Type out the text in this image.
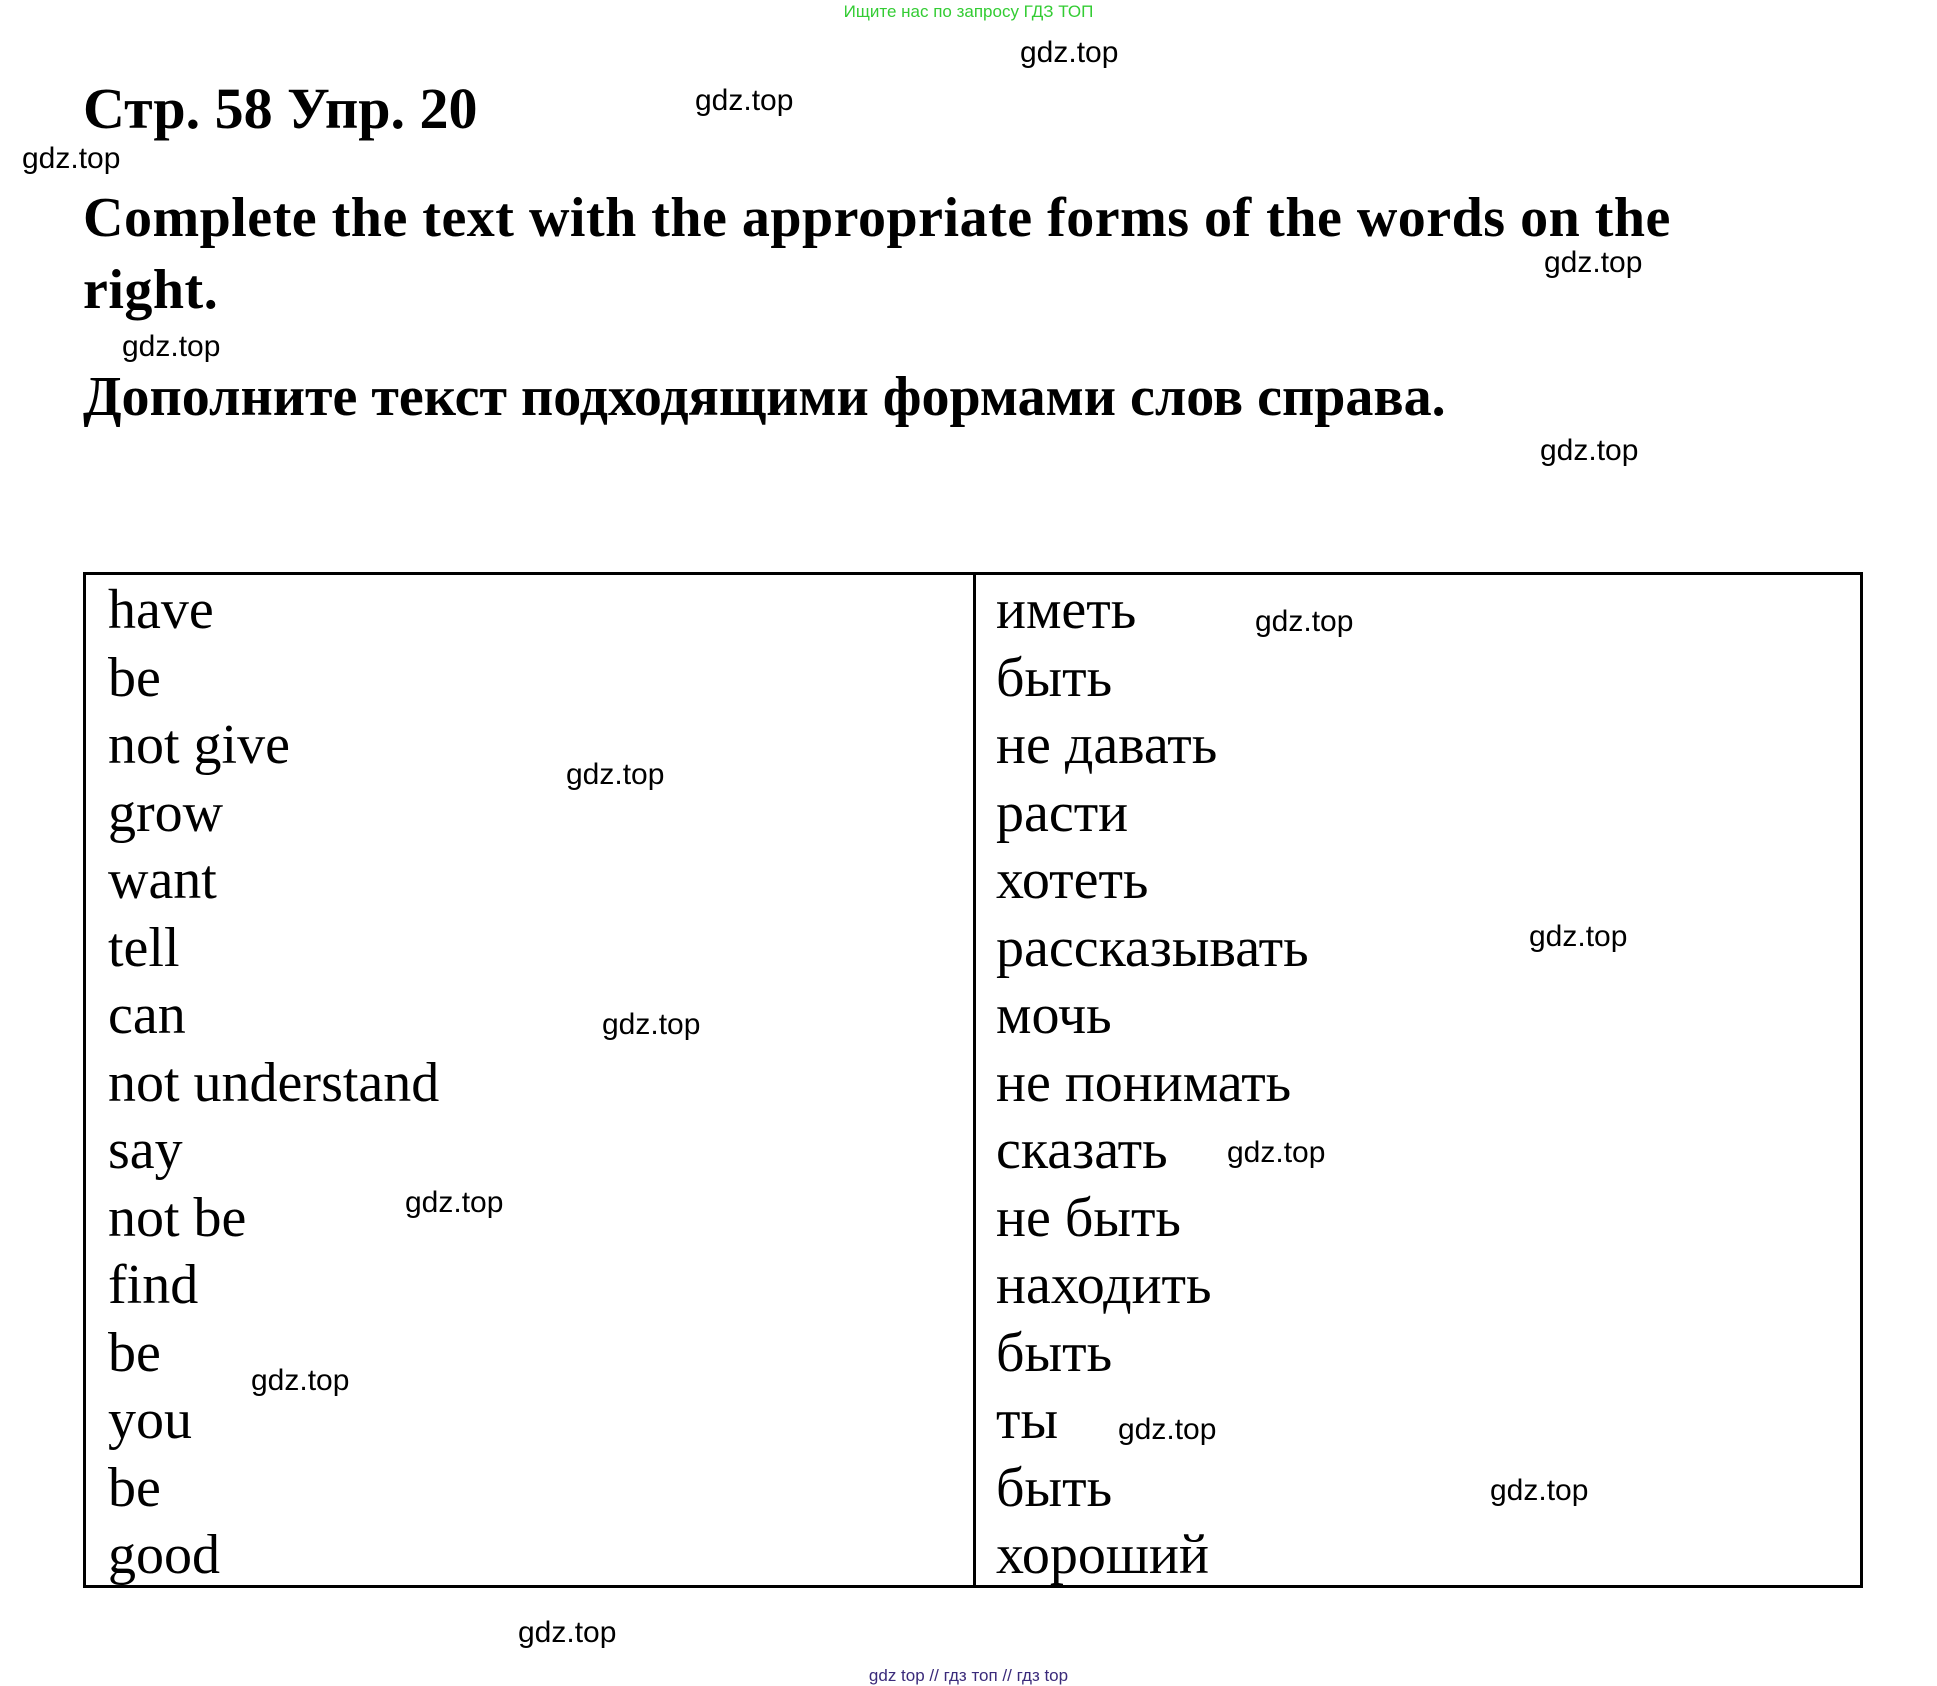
Ищите нас по запросу ГДЗ ТОП
Стр. 58 Упр. 20
Complete the text with the appropriate forms of the words on the right.
Дополните текст подходящими формами слов справа.
have
be
not give
grow
want
tell
can
not understand
say
not be
find
be
you
be
good
иметь
быть
не давать
расти
хотеть
рассказывать
мочь
не понимать
сказать
не быть
находить
быть
ты
быть
хороший
gdz.top
gdz.top
gdz.top
gdz.top
gdz.top
gdz.top
gdz.top
gdz.top
gdz.top
gdz.top
gdz.top
gdz.top
gdz.top
gdz.top
gdz.top
gdz.top
gdz top // гдз топ // гдз top
